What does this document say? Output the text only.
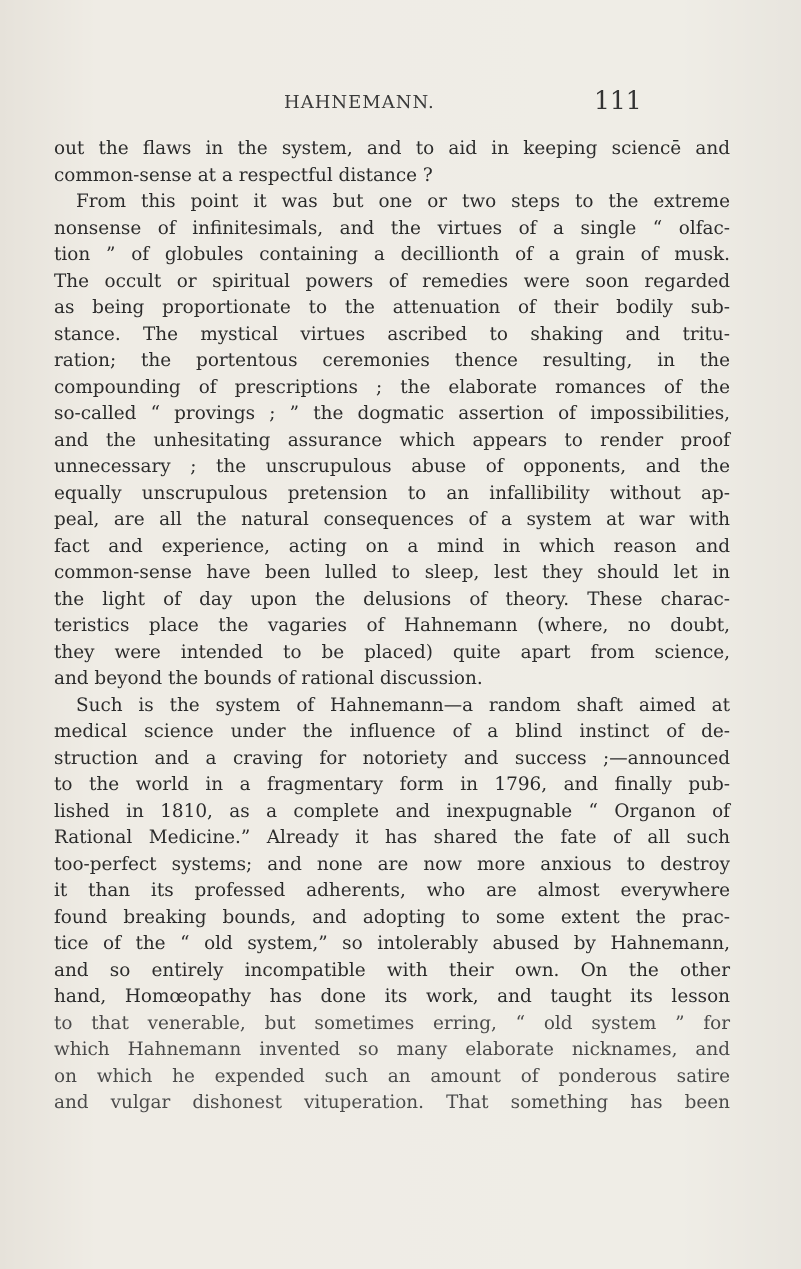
HAHNEMANN.	111
out the flaws in the system, and to aid in keeping sciencē and
common-sense at a respectful distance ?
From this point it was but one or two steps to the extreme
nonsense of infinitesimals, and the virtues of a single “ olfac-
tion ” of globules containing a decillionth of a grain of musk.
The occult or spiritual powers of remedies were soon regarded
as being proportionate to the attenuation of their bodily sub-
stance. The mystical virtues ascribed to shaking and tritu-
ration; the portentous ceremonies thence resulting, in the
compounding of prescriptions ; the elaborate romances of the
so-called “ provings ; ” the dogmatic assertion of impossibilities,
and the unhesitating assurance which appears to render proof
unnecessary ; the unscrupulous abuse of opponents, and the
equally unscrupulous pretension to an infallibility without ap-
peal, are all the natural consequences of a system at war with
fact and experience, acting on a mind in which reason and
common-sense have been lulled to sleep, lest they should let in
the light of day upon the delusions of theory. These charac-
teristics place the vagaries of Hahnemann (where, no doubt,
they were intended to be placed) quite apart from science,
and beyond the bounds of rational discussion.
Such is the system of Hahnemann—a random shaft aimed at
medical science under the influence of a blind instinct of de-
struction and a craving for notoriety and success ;—announced
to the world in a fragmentary form in 1796, and finally pub-
lished in 1810, as a complete and inexpugnable “ Organon of
Rational Medicine.” Already it has shared the fate of all such
too-perfect systems; and none are now more anxious to destroy
it than its professed adherents, who are almost everywhere
found breaking bounds, and adopting to some extent the prac-
tice of the “ old system,” so intolerably abused by Hahnemann,
and so entirely incompatible with their own. On the other
hand, Homœopathy has done its work, and taught its lesson
to that venerable, but sometimes erring, “ old system ” for
which Hahnemann invented so many elaborate nicknames, and
on which he expended such an amount of ponderous satire
and vulgar dishonest vituperation. That something has been
